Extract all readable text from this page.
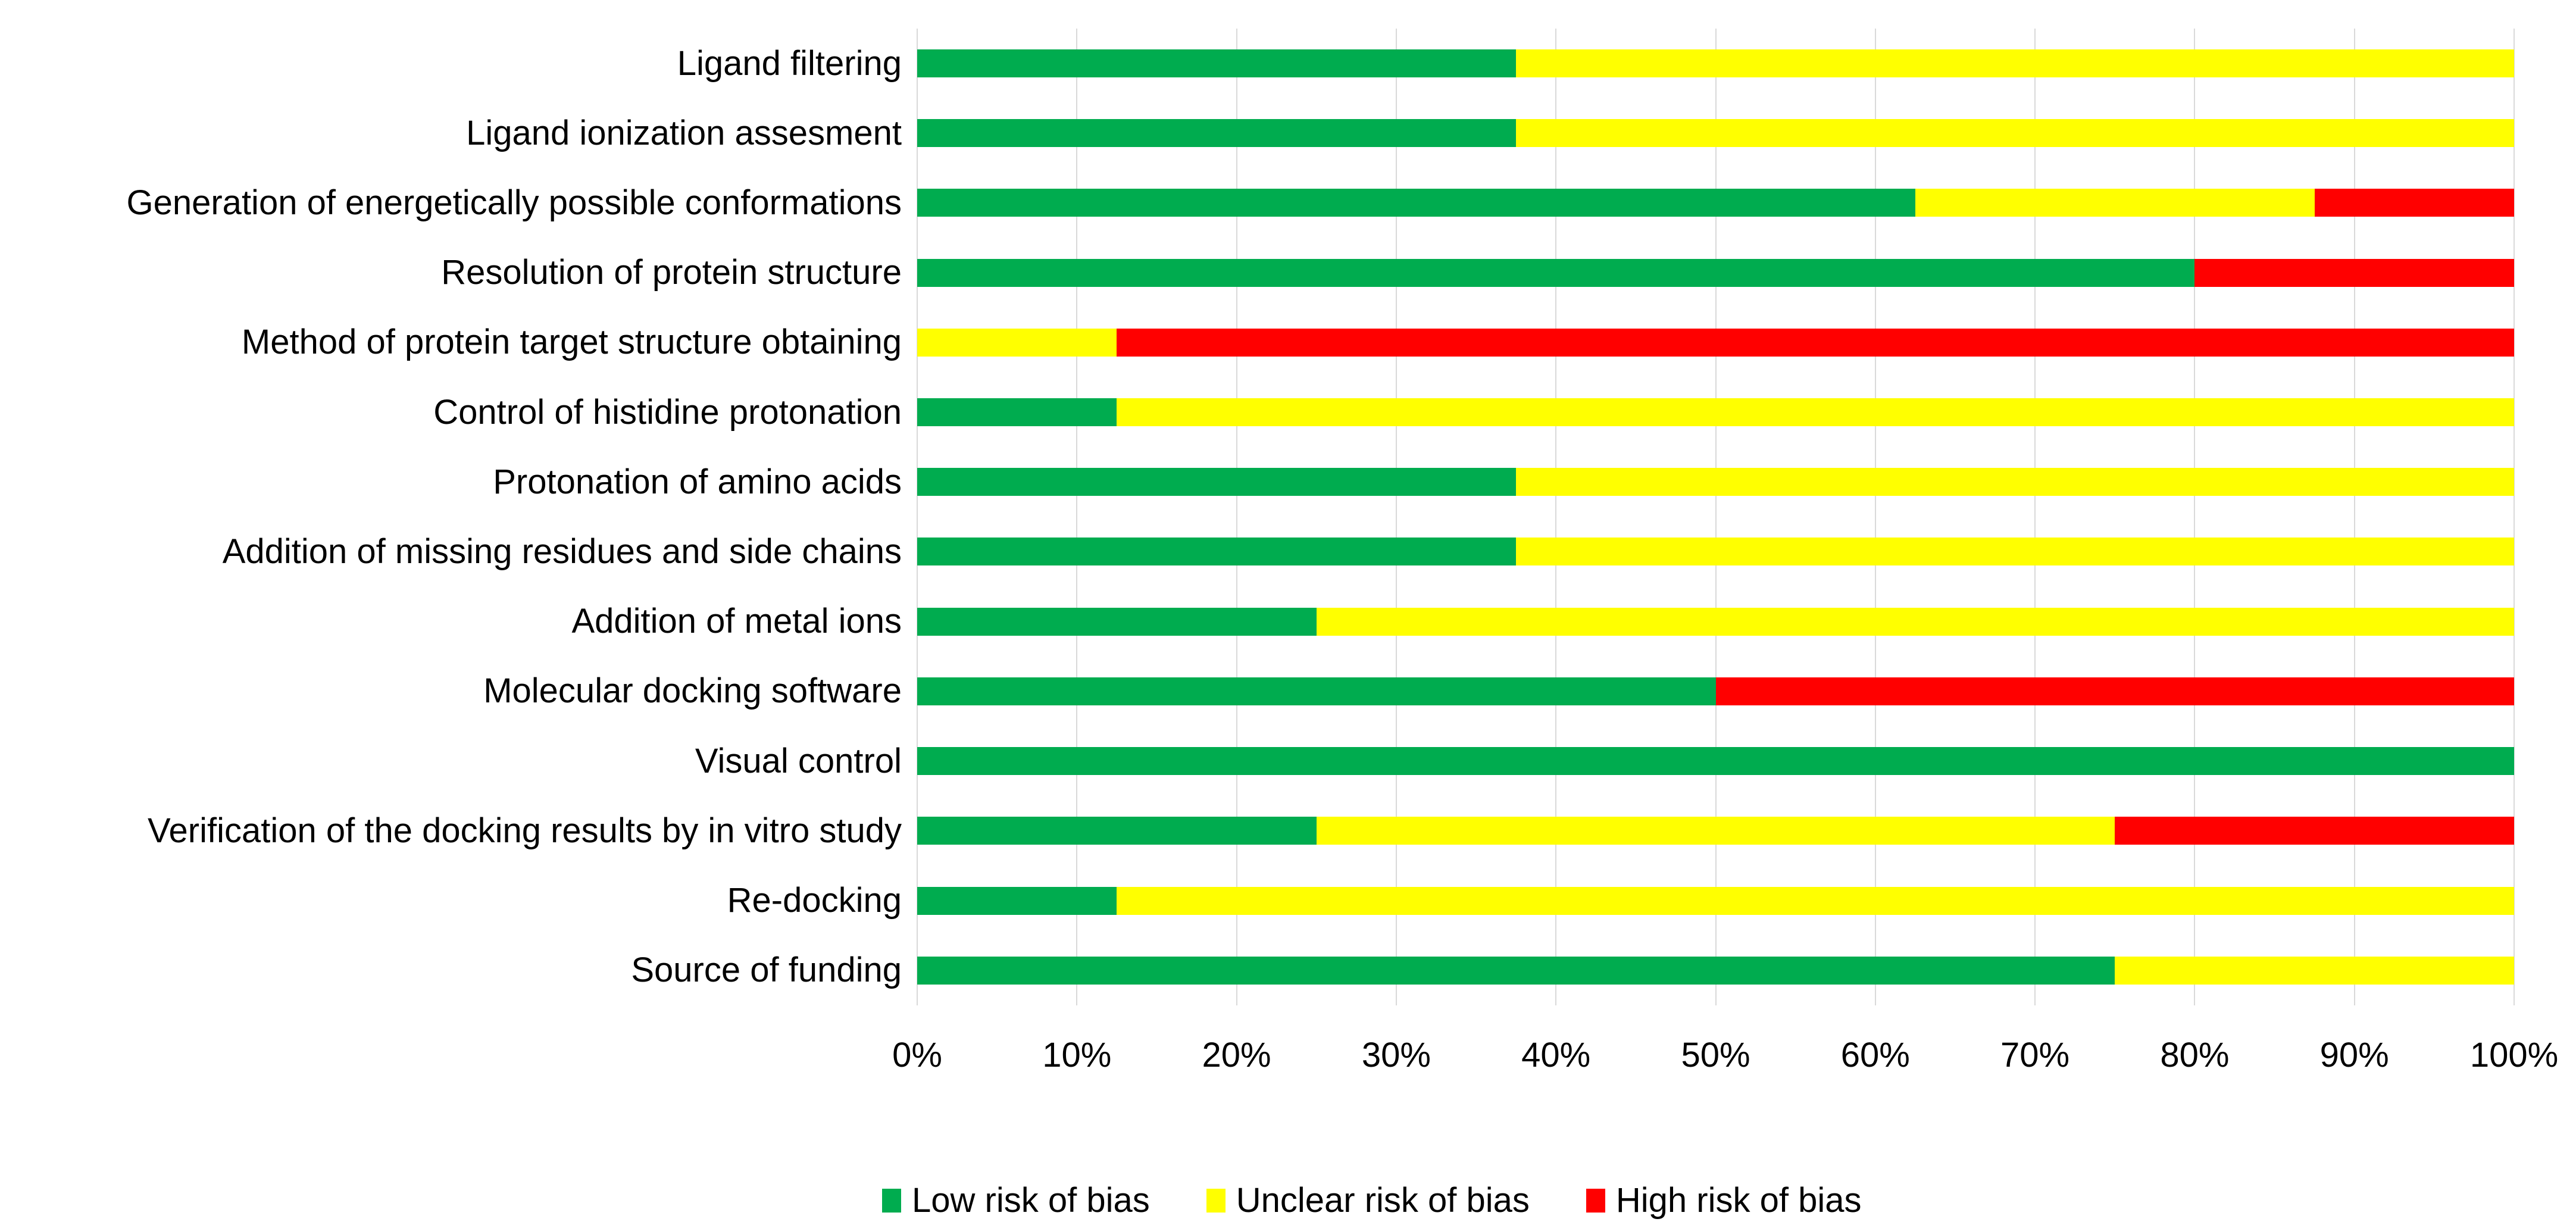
Ligand filtering
Ligand ionization assesment
Generation of energetically possible conformations
Resolution of protein structure
Method of protein target structure obtaining
Control of histidine protonation
Protonation of amino acids
Addition of missing residues and side chains
Addition of metal ions
Molecular docking software
Visual control
Verification of the docking results by in vitro study
Re-docking
Source of funding
0%	10%	20%	30%	40%	50%	60%	70%	80%	90% 100%
Low risk of bias	Unclear risk of bias	High risk of bias
